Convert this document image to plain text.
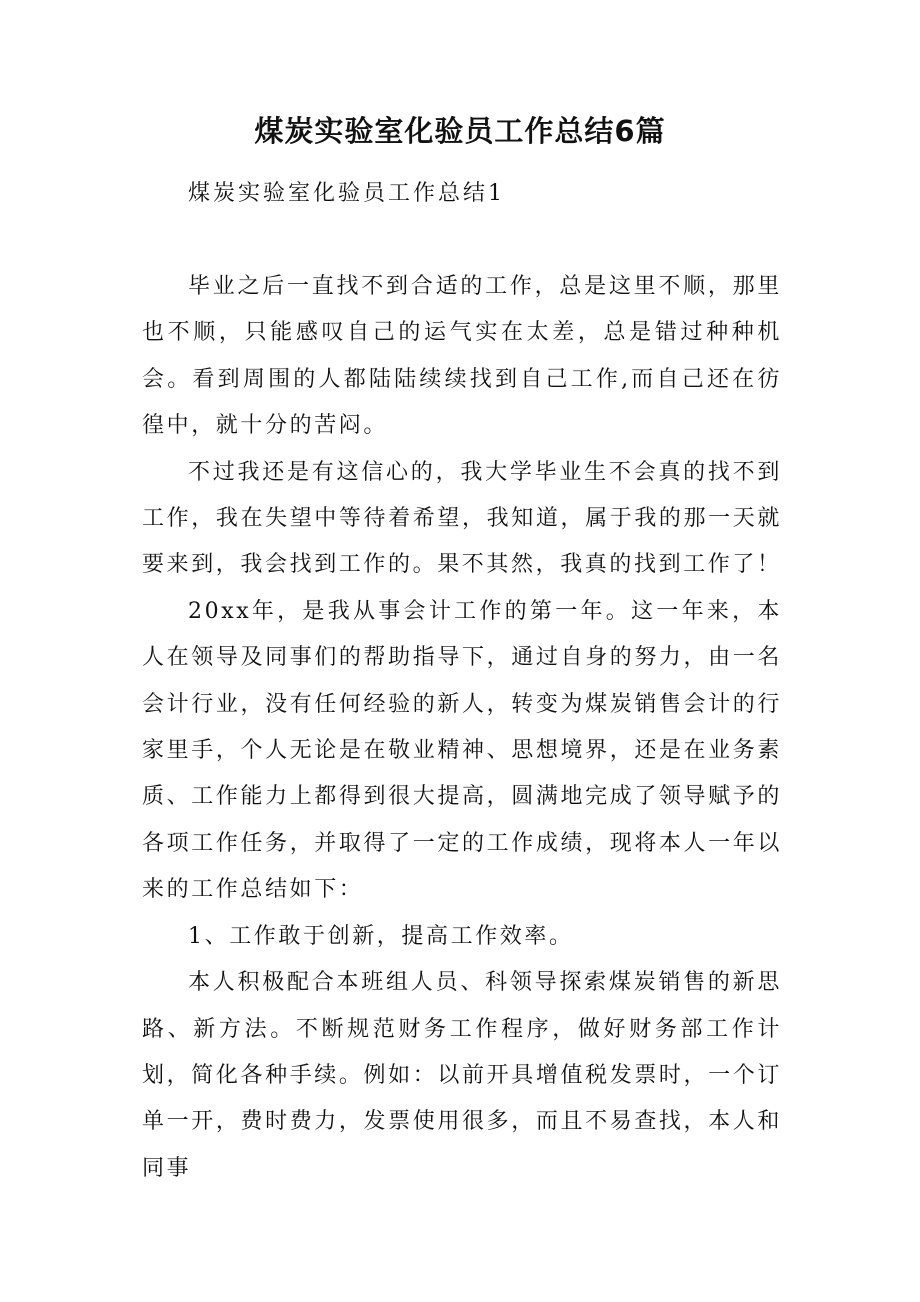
煤炭实验室化验员工作总结6篇
煤炭实验室化验员工作总结1

毕业之后一直找不到合适的工作，总是这里不顺，那里也不顺，只能感叹自己的运气实在太差，总是错过种种机会。看到周围的人都陆陆续续找到自己工作,而自己还在彷徨中，就十分的苦闷。

不过我还是有这信心的，我大学毕业生不会真的找不到工作，我在失望中等待着希望，我知道，属于我的那一天就要来到，我会找到工作的。果不其然，我真的找到工作了！

20xx年，是我从事会计工作的第一年。这一年来，本人在领导及同事们的帮助指导下，通过自身的努力，由一名会计行业，没有任何经验的新人，转变为煤炭销售会计的行家里手，个人无论是在敬业精神、思想境界，还是在业务素质、工作能力上都得到很大提高，圆满地完成了领导赋予的各项工作任务，并取得了一定的工作成绩，现将本人一年以来的工作总结如下：

1、工作敢于创新，提高工作效率。

本人积极配合本班组人员、科领导探索煤炭销售的新思路、新方法。不断规范财务工作程序，做好财务部工作计划，简化各种手续。例如：以前开具增值税发票时，一个订单一开，费时费力，发票使用很多，而且不易查找，本人和同事
